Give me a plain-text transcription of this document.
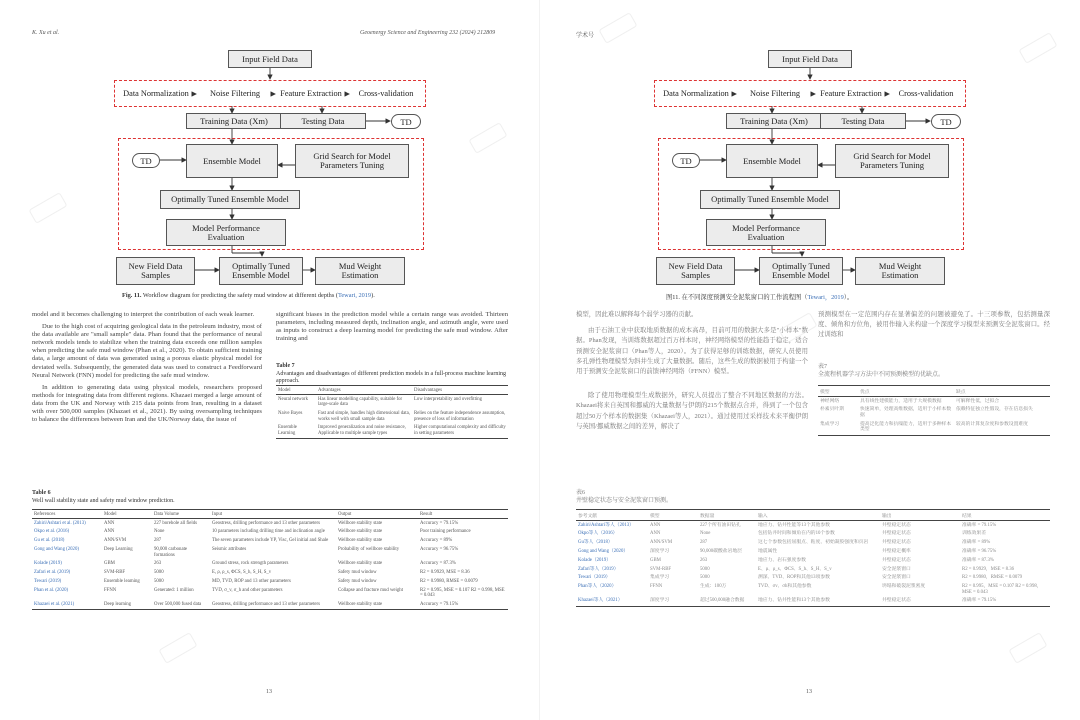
K. Xu et al.	Geoenergy Science and Engineering 232 (2024) 212809
Input Field Data
Data Normalization	Noise Filtering	Feature Extraction	Cross-validation
Training Data (Xm)	Testing Data	TD
TD	Ensemble Model	Grid Search for Model Parameters Tuning
Optimally Tuned Ensemble Model
Model Performance Evaluation
New Field Data Samples
Optimally Tuned Ensemble Model
Mud Weight Estimation
Fig. 11. Workflow diagram for predicting the safety mud window at different depths (Tewari, 2019).

model and it becomes challenging to interpret the contribution of each weak learner.

Due to the high cost of acquiring geological data in the petroleum industry, most of the data available are "small sample" data. Phan found that the performance of neural network models tends to stabilize when the training data exceeds one million samples when predicting the safe mud window (Phan et al., 2020). To obtain sufficient training data, a large amount of data was generated using a porous elastic physical model for deviated wells. Subsequently, the generated data was used to construct a Feedforward Neural Network (FNN) model for predicting the safe mud window.

In addition to generating data using physical models, researchers proposed methods for integrating data from different regions. Khazaei merged a large amount of data from the UK and Norway with 215 data points from Iran, resulting in a dataset with over 500,000 samples (Khazaei et al., 2021). By using oversampling techniques to balance the differences between Iran and the UK/Norway data, the issue of

significant biases in the prediction model while a certain range was avoided. Thirteen parameters, including measured depth, inclination angle, and azimuth angle, were used as inputs to construct a deep learning model for predicting the safe mud window. After training and

Table 7
Advantages and disadvantages of different prediction models in a full-process machine learning approach.
Model	Advantages	Disadvantages
Neural network	Has linear modelling capability, suitable for large-scale data	Low interpretability and overfitting
Naive Bayes	Fast and simple, handles high dimensional data, works well with small sample data	Relies on the feature independence assumption, presence of loss of information
Ensemble Learning	Improved generalization and noise resistance, Applicable to multiple sample types	Higher computational complexity and difficulty in setting parameters
Table 6
Well wall stability state and safety mud window prediction.
References	Model	Data Volume	Input	Output	Result
Zahiri/Ashtari et al. (2013)	ANN	227 borehole all fields	Geostress, drilling performance and 13 other parameters	Wellbore stability state	Accuracy = 79.15%
Okpo et al. (2016)	ANN	None	10 parameters including drilling time and inclination angle	Wellbore stability state	Poor training performance
Gu et al. (2018)	ANN/SVM	287	The seven parameters include YP, Visc, Gel initial and Shale	Wellbore stability state	Accuracy = 89%
Gong and Wang (2020)	Deep Learning	90,000 carbonate formations	Seismic attributes	Probability of wellbore stability	Accuracy = 96.75%
Kolade (2019)	GBM	263	Ground stress, rock strength parameters	Wellbore stability state	Accuracy = 87.3%
Zafari et al. (2019)	SVM-RBF	5000	E, ρ, ρ_s, ΦCS, S_h, S_H, S_v	Safety mud window	R2 = 0.9929, MSE = 8.36
Tewari (2019)	Ensemble learning	5000	MD, TVD, ROP and 13 other parameters	Safety mud window	R2 = 0.9980, RMSE = 0.0079
Phan et al. (2020)	FFNN	Generated: 1 million	TVD, σ_v, σ_h and other parameters	Collapse and fracture mud weight	R2 = 0.995, MSE = 0.107 R2 = 0.998, MSE = 0.043
Khazaei et al. (2021)	Deep learning	Over 500,000 fused data	Geostress, drilling performance and 13 other parameters	Wellbore stability state	Accuracy = 79.15%
13
学术号
Input Field Data
Data Normalization	Noise Filtering	Feature Extraction	Cross-validation
Training Data (Xm)	Testing Data	TD
TD	Ensemble Model	Grid Search for Model Parameters Tuning
Optimally Tuned Ensemble Model
Model Performance Evaluation
New Field Data Samples
Optimally Tuned Ensemble Model
Mud Weight Estimation
图11. 在不同深度预测安全泥浆窗口的工作流程图（Tewari，2019）。

模型，因此难以解释每个弱学习器的贡献。

由于石油工业中获取地质数据的成本高昂，目前可用的数据大多是"小样本"数据。Phan发现，当训练数据超过百万样本时，神经网络模型的性能趋于稳定，适合预测安全泥浆窗口（Phan等人，2020）。为了获得足够的训练数据，研究人员使用多孔弹性物理模型为斜井生成了大量数据。随后，这些生成的数据被用于构建一个用于预测安全泥浆窗口的前馈神经网络（FFNN）模型。

除了使用物理模型生成数据外，研究人员提出了整合不同地区数据的方法。Khazaei将来自英国和挪威的大量数据与伊朗的215个数据点合并，得到了一个包含超过50万个样本的数据集（Khazaei等人，2021）。通过使用过采样技术来平衡伊朗与英国/挪威数据之间的差异，解决了

预测模型在一定范围内存在显著偏差的问题被避免了。十三项参数，包括测量深度、倾角和方位角，被用作输入来构建一个深度学习模型来预测安全泥浆窗口。经过训练和

表7
全流程机器学习方法中不同预测模型的优缺点。
模型	优点	缺点
神经网络	具有线性建模能力，适用于大规模数据	可解释性低，过拟合
朴素贝叶斯	快速简单，处理高维数据，适用于小样本数据	依赖特征独立性假设，存在信息损失
集成学习	提高泛化能力和抗噪能力，适用于多种样本类型	较高的计算复杂度和参数设置难度
表6
井壁稳定状态与安全泥浆窗口预测。
参考文献	模型	数据量	输入	输出	结果
Zahiri/Ashtari等人（2013）	ANN	227个所有油田钻孔	地应力、钻井性能等13个其他参数	井壁稳定状态	准确率 = 79.15%
Okpo等人（2016）	ANN	None	包括钻井时间和倾角在内的10个参数	井壁稳定状态	训练效果差
Gu等人（2018）	ANN/SVM	287	这七个参数包括屈服点、粘度、初始凝胶强度和页岩	井壁稳定状态	准确率 = 89%
Gong and Wang（2020）	深度学习	90,000碳酸盐岩地层	地震属性	井壁稳定概率	准确率 = 96.75%
Kolade（2019）	GBM	263	地应力、岩石强度参数	井壁稳定状态	准确率 = 87.3%
Zafari等人（2019）	SVM-RBF	5000	E、ρ、ρ_s、ΦCS、S_h、S_H、S_v	安全泥浆窗口	R2 = 0.9929，MSE = 8.36
Tewari（2019）	集成学习	5000	测深、TVD、ROP和其他13项参数	安全泥浆窗口	R2 = 0.9980，RMSE = 0.0079
Phan等人（2020）	FFNN	生成：100万	TVD、σv、σh和其他参数	坍塌和破裂泥浆密度	R2 = 0.995，MSE = 0.107 R2 = 0.998，MSE = 0.043
Khazaei等人（2021）	深度学习	超过500,000融合数据	地应力、钻井性能和13个其他参数	井壁稳定状态	准确率 = 79.15%
13
